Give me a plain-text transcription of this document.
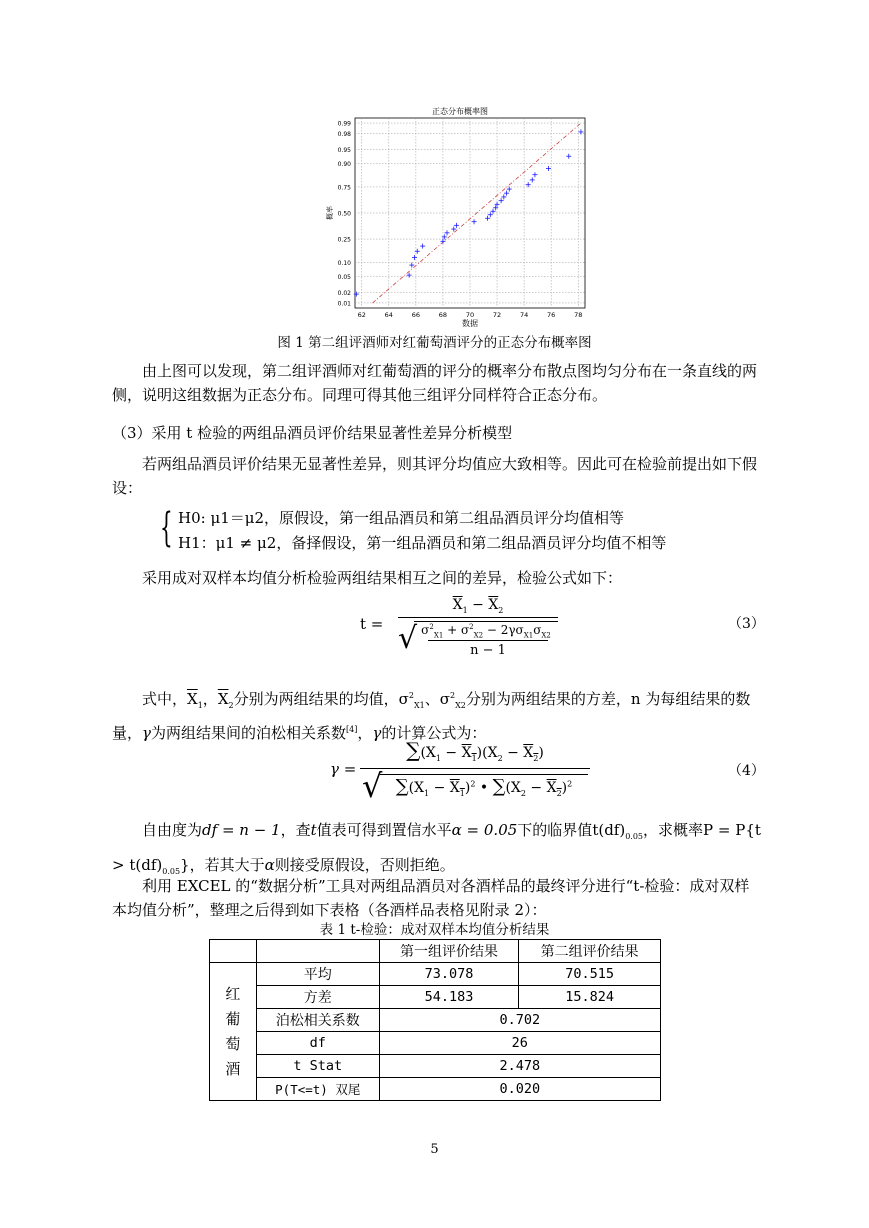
正态分布概率图
0.01
0.02
0.05
0.10
0.25
0.50
0.75
0.90
0.95
0.98
0.99
62	64	66	68	70	72	74	76	78
数据
概率
图 1 第二组评酒师对红葡萄酒评分的正态分布概率图

由上图可以发现，第二组评酒师对红葡萄酒的评分的概率分布散点图均匀分布在一条直线的两侧，说明这组数据为正态分布。同理可得其他三组评分同样符合正态分布。

（3）采用 t 检验的两组品酒员评价结果显著性差异分析模型

若两组品酒员评价结果无显著性差异，则其评分均值应大致相等。因此可在检验前提出如下假设：

{ H0: μ1＝μ2，原假设，第一组品酒员和第二组品酒员评分均值相等
H1：μ1 ≠ μ2，备择假设，第一组品酒员和第二组品酒员评分均值不相等

采用成对双样本均值分析检验两组结果相互之间的差异，检验公式如下：

t =
$\overline{X}_1 - \overline{X}_2$
√ $\sigma^2_{X1} + \sigma^2_{X2} - 2\gamma\sigma_{X1}\sigma_{X2}$
n − 1
（3）

式中，$\overline{X}_1$，$\overline{X}_2$分别为两组结果的均值，$\sigma^2_{X1}$、$\sigma^2_{X2}$分别为两组结果的方差，n 为每组结果的数量，γ为两组结果间的泊松相关系数[4]，γ的计算公式为：

γ =
$\sum(X_1 - X_1)(X_2 - X_2)$
√ $\sum(X_1 - X_1)^2$ • $\sum(X_2 - X_2)^2$
（4）

自由度为df = n − 1，查t值表可得到置信水平α = 0.05下的临界值$t(df)_{0.05}$，求概率$P = P\{t > t(df)_{0.05}\}$，若其大于α则接受原假设，否则拒绝。

利用 EXCEL 的“数据分析”工具对两组品酒员对各酒样品的最终评分进行“t-检验：成对双样本均值分析”，整理之后得到如下表格（各酒样品表格见附录 2）：

表 1 t-检验：成对双样本均值分析结果
		第一组评价结果	第二组评价结果
红
葡
萄
酒	平均	73.078	70.515
	方差	54.183	15.824
	泊松相关系数	0.702	
	df	26	
	t Stat	2.478	
	P(T<=t) 双尾	0.020	
5
